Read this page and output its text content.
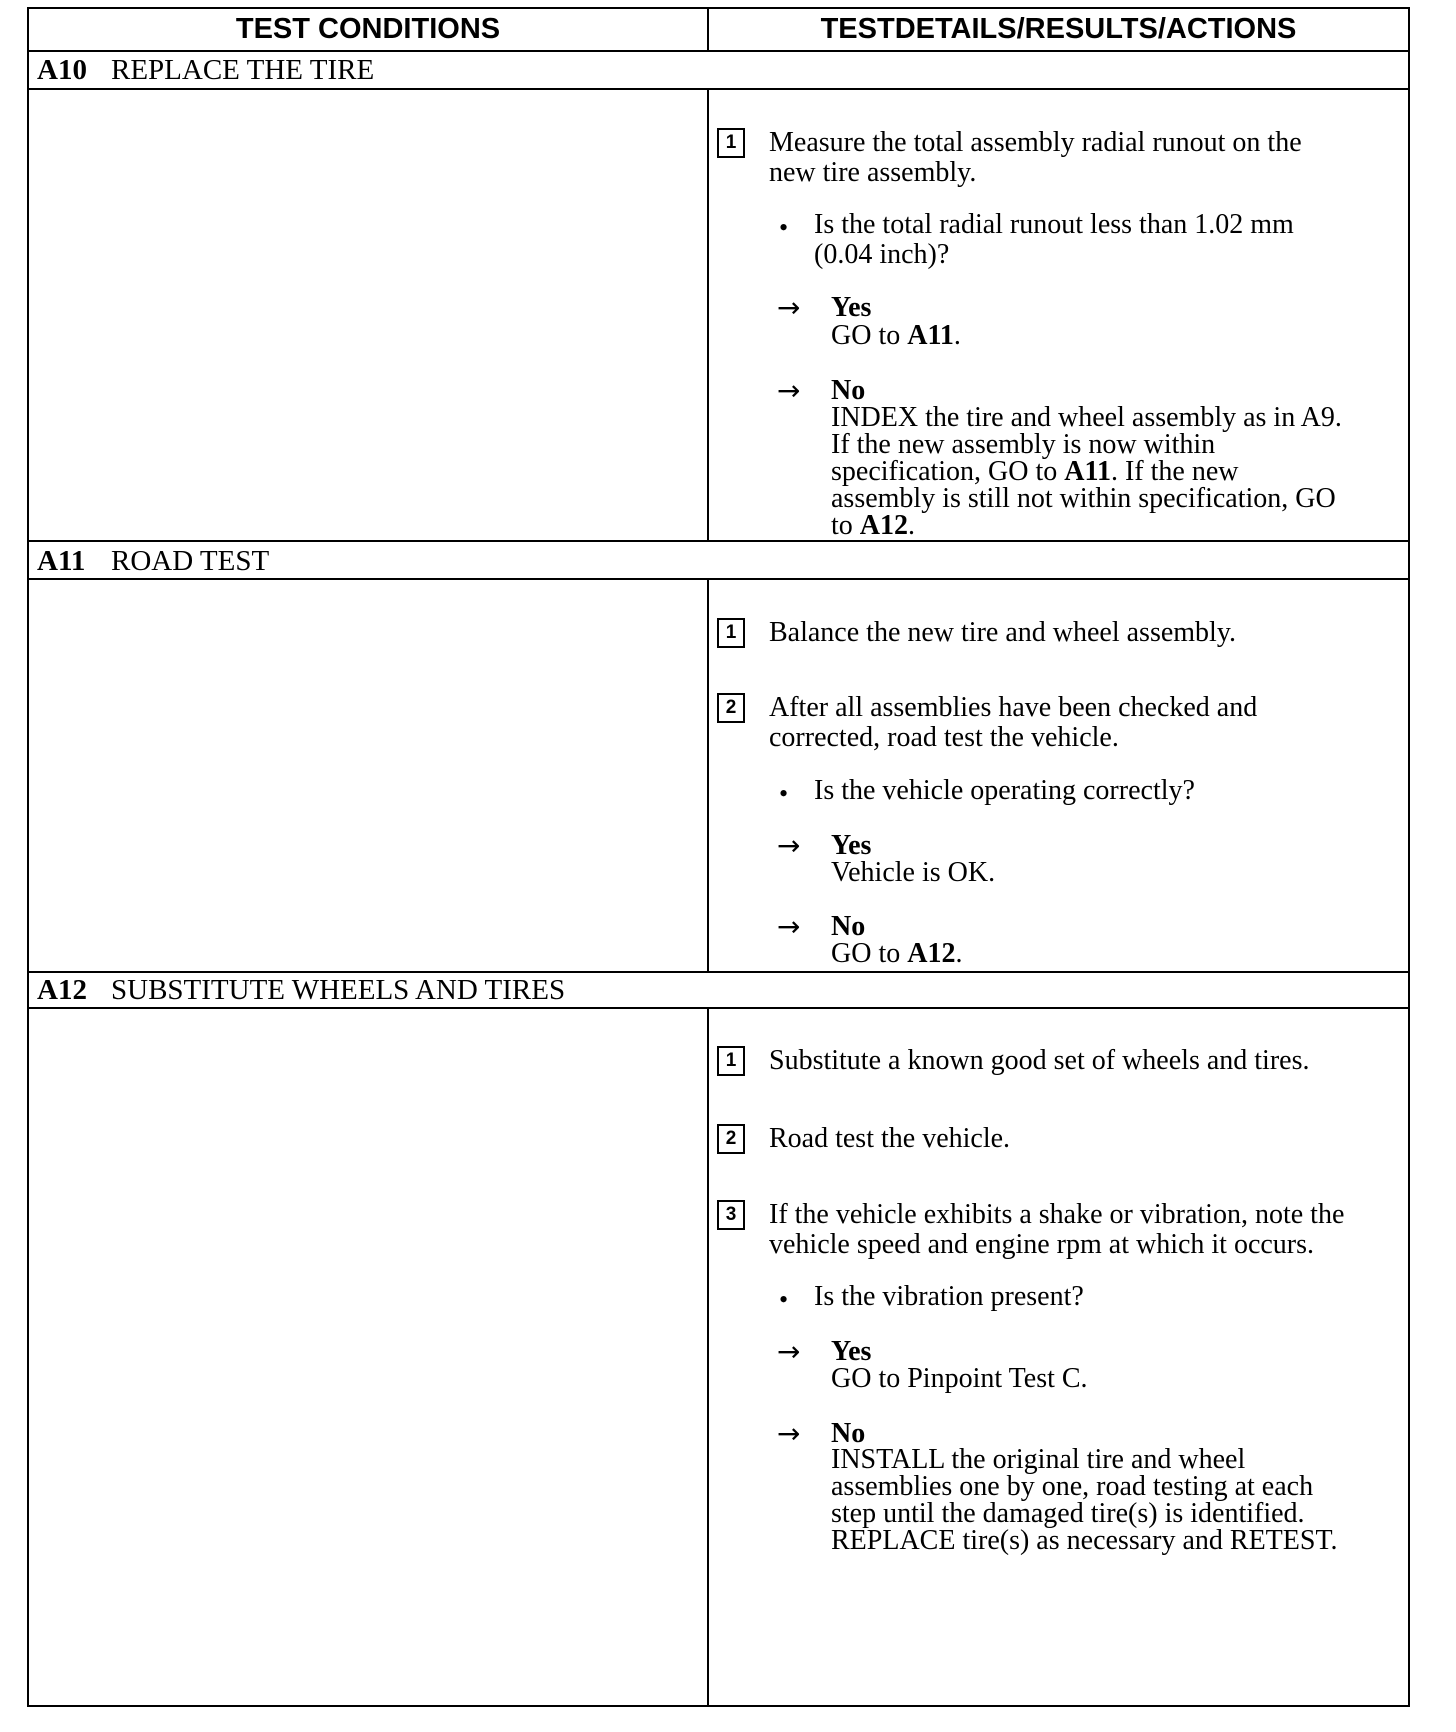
TEST CONDITIONS	TESTDETAILS/RESULTS/ACTIONS
A10 REPLACE THE TIRE
1	Measure the total assembly radial runout on the
new tire assembly.
• Is the total radial runout less than 1.02 mm
(0.04 inch)?
→ Yes
GO to A11.
→ No
INDEX the tire and wheel assembly as in A9.
If the new assembly is now within
specification, GO to A11. If the new
assembly is still not within specification, GO
to A12.
A11 ROAD TEST
1	Balance the new tire and wheel assembly.
2	After all assemblies have been checked and
corrected, road test the vehicle.
• Is the vehicle operating correctly?
→ Yes
Vehicle is OK.
→ No
GO to A12.
A12 SUBSTITUTE WHEELS AND TIRES
1	Substitute a known good set of wheels and tires.
2	Road test the vehicle.
3	If the vehicle exhibits a shake or vibration, note the
vehicle speed and engine rpm at which it occurs.
• Is the vibration present?
→ Yes
GO to Pinpoint Test C.
→ No
INSTALL the original tire and wheel
assemblies one by one, road testing at each
step until the damaged tire(s) is identified.
REPLACE tire(s) as necessary and RETEST.
